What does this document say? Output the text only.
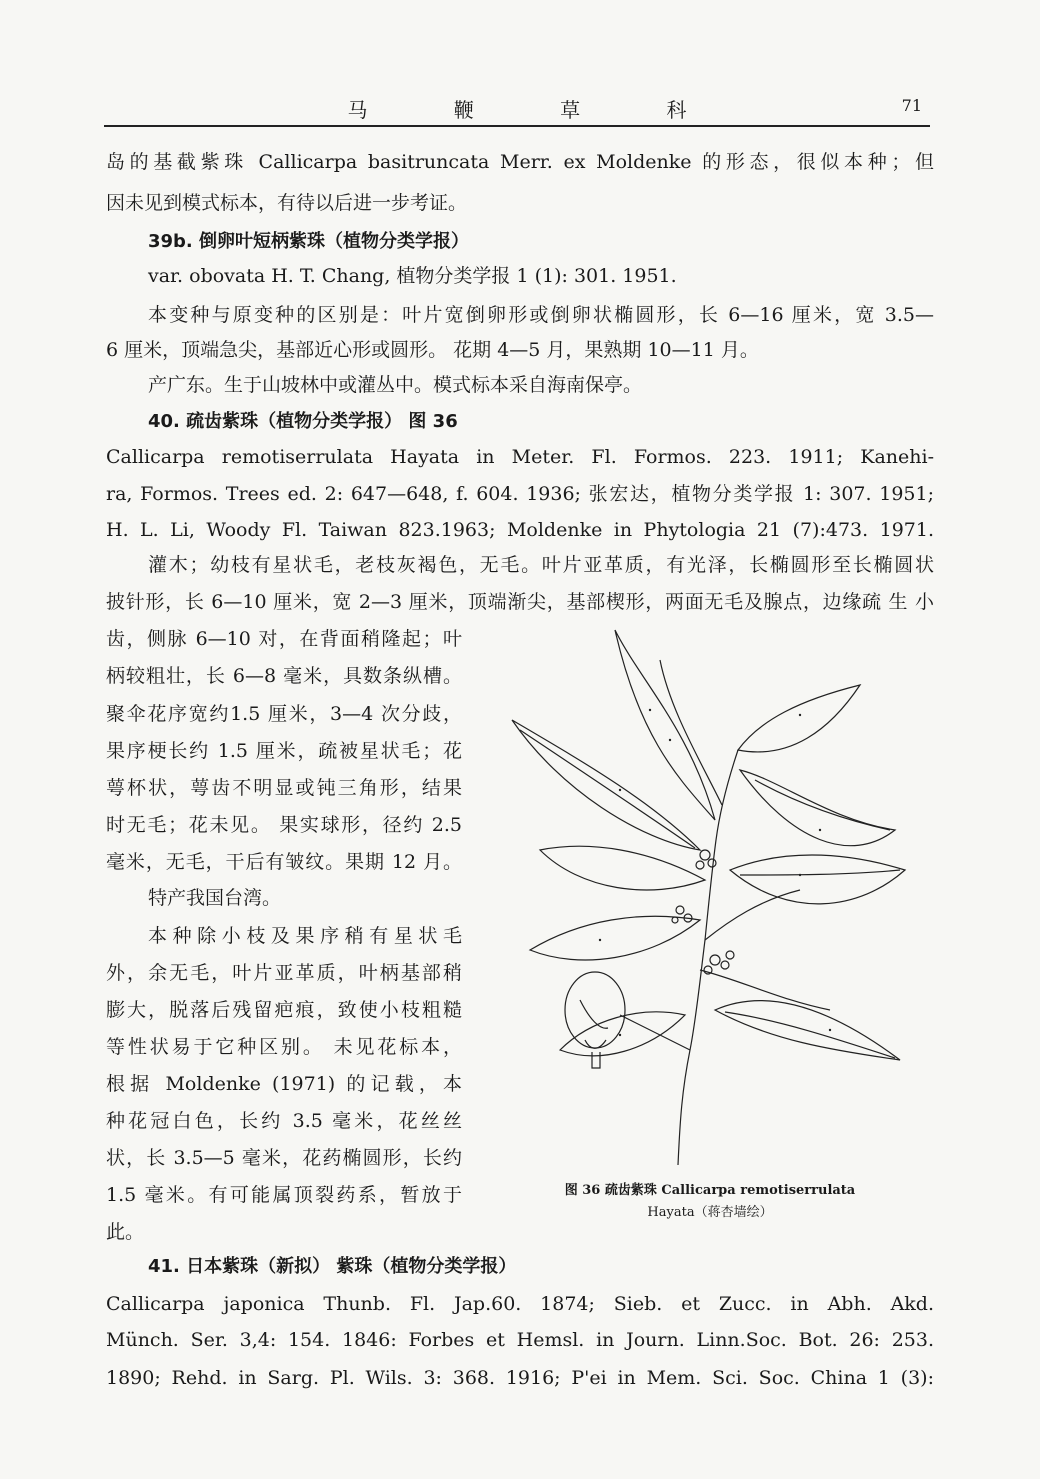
马 鞭 草 科	71
岛的基截紫珠 Callicarpa basitruncata Merr. ex Moldenke 的形态，很似本种；但
因未见到模式标本，有待以后进一步考证。
39b. 倒卵叶短柄紫珠（植物分类学报）
var. obovata H. T. Chang, 植物分类学报 1 (1): 301. 1951.
本变种与原变种的区别是：叶片宽倒卵形或倒卵状椭圆形，长 6—16 厘米，宽 3.5—
6 厘米，顶端急尖，基部近心形或圆形。 花期 4—5 月，果熟期 10—11 月。
产广东。生于山坡林中或灌丛中。模式标本采自海南保亭。
40. 疏齿紫珠（植物分类学报） 图 36
Callicarpa remotiserrulata Hayata in Meter. Fl. Formos. 223. 1911; Kanehi-
ra, Formos. Trees ed. 2: 647—648, f. 604. 1936; 张宏达，植物分类学报 1: 307. 1951;
H. L. Li, Woody Fl. Taiwan 823.1963; Moldenke in Phytologia 21 (7):473. 1971.
灌木；幼枝有星状毛，老枝灰褐色，无毛。叶片亚革质，有光泽，长椭圆形至长椭圆状
披针形，长 6—10 厘米，宽 2—3 厘米，顶端渐尖，基部楔形，两面无毛及腺点，边缘疏 生 小
齿，侧脉 6—10 对，在背面稍隆起；叶
柄较粗壮，长 6—8 毫米，具数条纵槽。
聚伞花序宽约1.5 厘米，3—4 次分歧，
果序梗长约 1.5 厘米，疏被星状毛；花
萼杯状，萼齿不明显或钝三角形，结果
时无毛；花未见。 果实球形，径约 2.5
毫米，无毛，干后有皱纹。果期 12 月。
特产我国台湾。
本种除小枝及果序稍有星状毛
外，余无毛，叶片亚革质，叶柄基部稍
膨大，脱落后残留疤痕，致使小枝粗糙
等性状易于它种区别。 未见花标本，
根据 Moldenke (1971) 的记载，本
种花冠白色，长约 3.5 毫米，花丝丝
状，长 3.5—5 毫米，花药椭圆形，长约
1.5 毫米。有可能属顶裂药系，暂放于
此。
图 36 疏齿紫珠 Callicarpa remotiserrulata
Hayata（蒋杏墙绘）
41. 日本紫珠（新拟） 紫珠（植物分类学报）
Callicarpa japonica Thunb. Fl. Jap.60. 1874; Sieb. et Zucc. in Abh. Akd.
Münch. Ser. 3,4: 154. 1846: Forbes et Hemsl. in Journ. Linn.Soc. Bot. 26: 253.
1890; Rehd. in Sarg. Pl. Wils. 3: 368. 1916; P'ei in Mem. Sci. Soc. China 1 (3):
